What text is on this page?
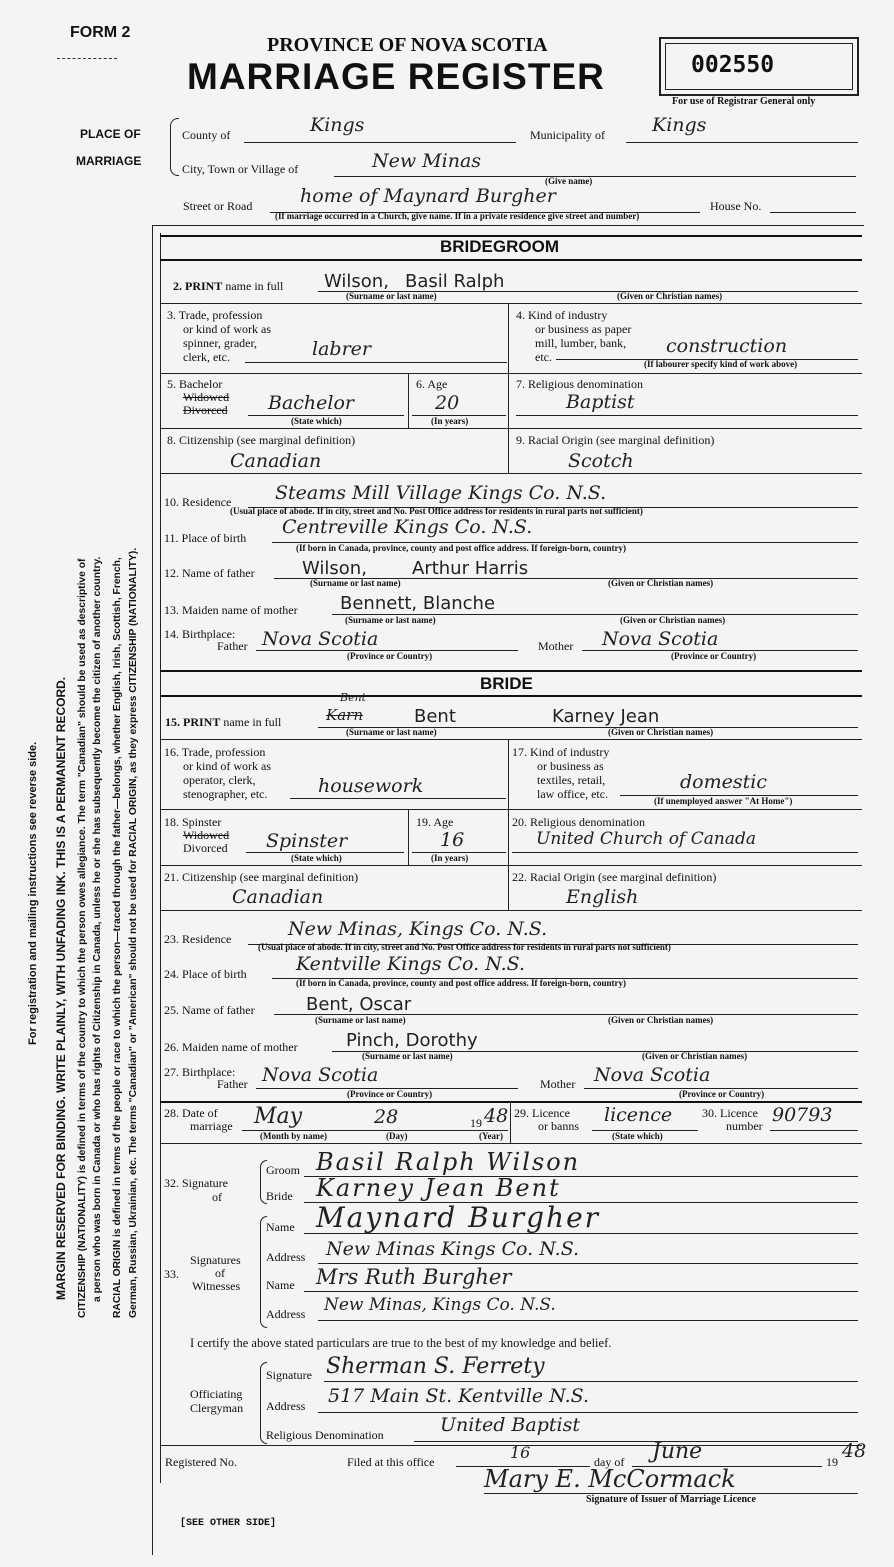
FORM 2
PROVINCE OF NOVA SCOTIA
MARRIAGE REGISTER	002550
For use of Registrar General only
PLACE OF
MARRIAGE
County of	Kings	Municipality of Kings
City, Town or Village of	New Minas
(Give name)
Street or Road	home of Maynard Burgher	House No.
(If marriage occurred in a Church, give name. If in a private residence give street and number)
For registration and mailing instructions see reverse side. MARGIN RESERVED FOR BINDING. WRITE PLAINLY, WITH UNFADING INK. THIS IS A PERMANENT RECORD. CITIZENSHIP (NATIONALITY) is defined in terms of the country to which the person owes allegiance. The term "Canadian" should be used as descriptive of a person who was born in Canada or who has rights of Citizenship in Canada, unless he or she has subsequently become the citizen of another country. RACIAL ORIGIN is defined in terms of the people or race to which the person—traced through the father—belongs, whether English, Irish, Scottish, French, German, Russian, Ukrainian, etc. The terms "Canadian" or "American" should not be used for RACIAL ORIGIN, as they express CITIZENSHIP (NATIONALITY).
BRIDEGROOM
2. PRINT name in full Wilson, Basil Ralph
(Surname or last name)	(Given or Christian names)
3. Trade, profession
or kind of work as
spinner, grader,
clerk, etc.	labrer
4. Kind of industry
or business as paper
mill, lumber, bank,
etc.	construction
(If labourer specify kind of work above)
5. Bachelor
Widowed
Divorced Bachelor
(State which)
6. Age
20
(In years)
7. Religious denomination
Baptist
8. Citizenship (see marginal definition)
Canadian
9. Racial Origin (see marginal definition)
Scotch
10. Residence Steams Mill Village Kings Co. N.S.
(Usual place of abode. If in city, street and No. Post Office address for residents in rural parts not sufficient)
11. Place of birth Centreville Kings Co. N.S.
(If born in Canada, province, county and post office address. If foreign-born, country)
12. Name of father	Wilson,	Arthur Harris
(Surname or last name)	(Given or Christian names)
13. Maiden name of mother Bennett, Blanche
(Surname or last name)	(Given or Christian names)
14. Birthplace:
Father Nova Scotia	Mother Nova Scotia
(Province or Country)	(Province or Country)
BRIDE
15. PRINT name in full	Karn
Bent
Bent	Karney Jean
(Surname or last name)	(Given or Christian names)
16. Trade, profession
or kind of work as
operator, clerk,
stenographer, etc.	housework
17. Kind of industry
or business as
textiles, retail,
law office, etc.
domestic
(If unemployed answer "At Home")
18. Spinster
Widowed
Divorced Spinster
(State which)
19. Age
16
(In years)
20. Religious denomination
United Church of Canada
21. Citizenship (see marginal definition)
Canadian
22. Racial Origin (see marginal definition)
English
23. Residence	New Minas, Kings Co. N.S.
(Usual place of abode. If in city, street and No. Post Office address for residents in rural parts not sufficient)
24. Place of birth	Kentville Kings Co. N.S.
(If born in Canada, province, county and post office address. If foreign-born, country)
25. Name of father	Bent, Oscar
(Surname or last name)	(Given or Christian names)
26. Maiden name of mother	Pinch, Dorothy
(Surname or last name)	(Given or Christian names)
27. Birthplace:
Father Nova Scotia	Mother Nova Scotia
(Province or Country)	(Province or Country)
28. Date of
marriage May	28	19 48
(Month by name)	(Day)	(Year)
29. Licence
or banns licence
(State which)
30. Licence
number 90793
32. Signature
of
Groom Basil Ralph Wilson
Bride Karney Jean Bent
33.
Signatures
of
Witnesses
Name Maynard Burgher
Address New Minas Kings Co. N.S.
Name Mrs Ruth Burgher
Address New Minas, Kings Co. N.S.
I certify the above stated particulars are true to the best of my knowledge and belief.
Officiating
Clergyman
Signature Sherman S. Ferrety
Address 517 Main St. Kentville N.S.
Religious Denomination	United Baptist
Registered No.	Filed at this office	16	day of June	19 48
Mary E. McCormack
Signature of Issuer of Marriage Licence
[SEE OTHER SIDE]
